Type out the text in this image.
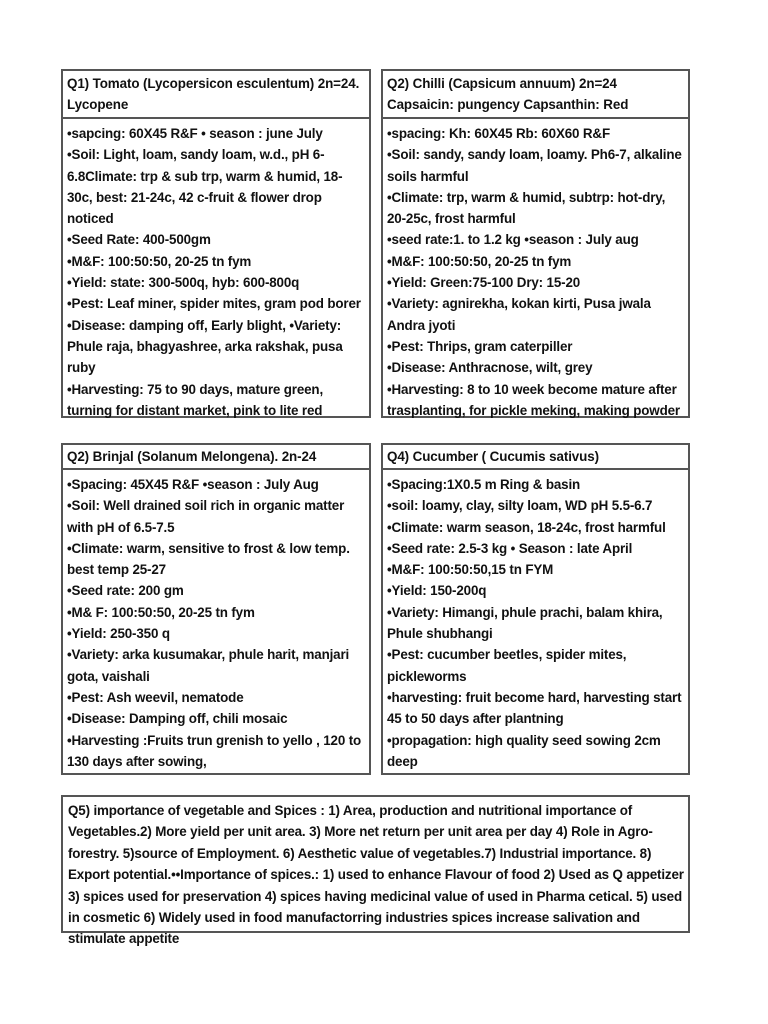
Q1) Tomato (Lycopersicon esculentum) 2n=24. Lycopene
•sapcing: 60X45 R&F • season : june July
•Soil: Light, loam, sandy loam, w.d., pH 6-6.8Climate: trp & sub trp, warm & humid, 18-30c, best: 21-24c, 42 c-fruit & flower drop noticed
•Seed Rate: 400-500gm
•M&F: 100:50:50, 20-25 tn fym
•Yield: state: 300-500q, hyb: 600-800q
•Pest: Leaf miner, spider mites, gram pod borer
•Disease: damping off, Early blight, •Variety: Phule raja, bhagyashree, arka rakshak, pusa ruby
•Harvesting: 75 to 90 days, mature green, turning for distant market, pink to lite red
Q2) Chilli (Capsicum annuum) 2n=24 Capsaicin: pungency Capsanthin: Red
•spacing: Kh: 60X45 Rb: 60X60 R&F
•Soil: sandy, sandy loam, loamy. Ph6-7, alkaline soils harmful
•Climate: trp, warm & humid, subtrp: hot-dry, 20-25c, frost harmful
•seed rate:1. to 1.2 kg •season : July aug
•M&F: 100:50:50, 20-25 tn fym
•Yield: Green:75-100 Dry: 15-20
•Variety: agnirekha, kokan kirti, Pusa jwala Andra jyoti
•Pest: Thrips, gram caterpiller
•Disease: Anthracnose, wilt, grey
•Harvesting: 8 to 10 week become mature after trasplanting, for pickle meking, making powder
Q2) Brinjal (Solanum Melongena). 2n-24
•Spacing: 45X45 R&F •season : July Aug
•Soil: Well drained soil rich in organic matter with pH of 6.5-7.5
•Climate: warm, sensitive to frost & low temp. best temp 25-27
•Seed rate: 200 gm
•M& F: 100:50:50, 20-25 tn fym
•Yield: 250-350 q
•Variety: arka kusumakar, phule harit, manjari gota, vaishali
•Pest: Ash weevil, nematode
•Disease: Damping off, chili mosaic
•Harvesting :Fruits trun grenish to yello , 120 to 130 days after sowing,
Q4) Cucumber ( Cucumis sativus)
•Spacing:1X0.5 m Ring & basin
•soil: loamy, clay, silty loam, WD pH 5.5-6.7
•Climate: warm season, 18-24c, frost harmful
•Seed rate: 2.5-3 kg • Season : late April
•M&F: 100:50:50,15 tn FYM
•Yield: 150-200q
•Variety: Himangi, phule prachi, balam khira, Phule shubhangi
•Pest: cucumber beetles, spider mites, pickleworms
•harvesting: fruit become hard, harvesting start 45 to 50 days after plantning
•propagation: high quality seed sowing 2cm deep
Q5) importance of vegetable and Spices : 1) Area, production and nutritional importance of Vegetables.2) More yield per unit area. 3) More net return per unit area per day 4) Role in Agro-forestry. 5)source of Employment. 6) Aesthetic value of vegetables.7) Industrial importance. 8) Export potential.••Importance of spices.: 1) used to enhance Flavour of food 2) Used as Q appetizer 3) spices used for preservation 4) spices having medicinal value of used in Pharma cetical. 5) used in cosmetic 6) Widely used in food manufactorring industries spices increase salivation and stimulate appetite
